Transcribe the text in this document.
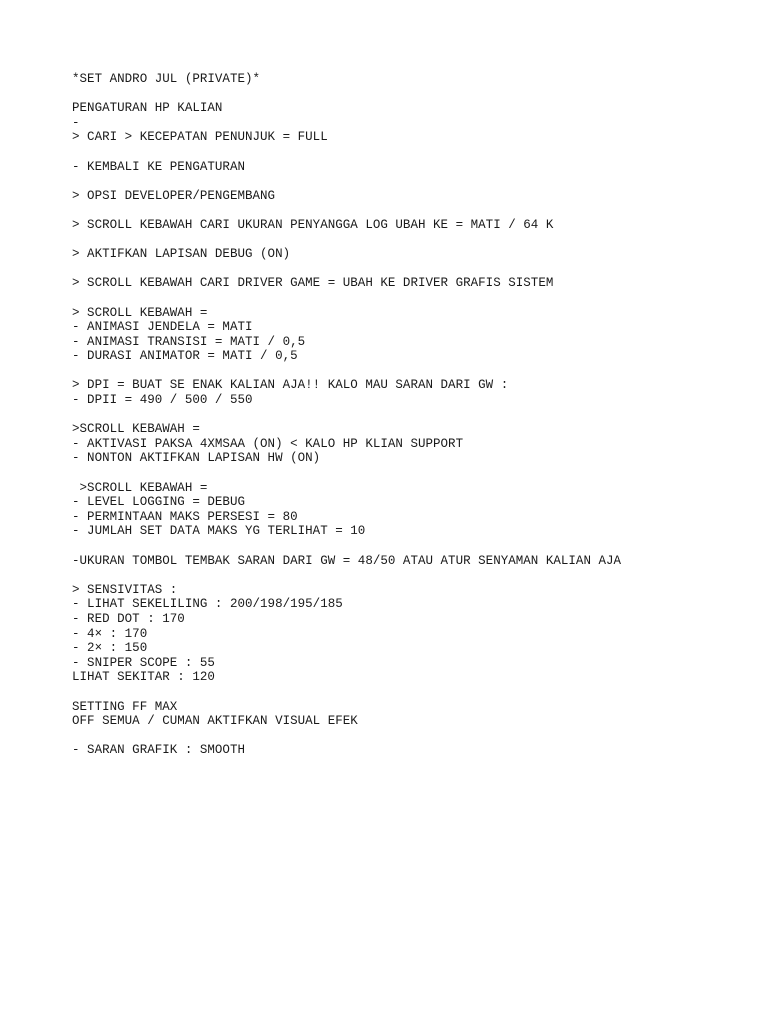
*SET ANDRO JUL (PRIVATE)*
PENGATURAN HP KALIAN
-
> CARI > KECEPATAN PENUNJUK = FULL
- KEMBALI KE PENGATURAN
> OPSI DEVELOPER/PENGEMBANG
> SCROLL KEBAWAH CARI UKURAN PENYANGGA LOG UBAH KE = MATI / 64 K
> AKTIFKAN LAPISAN DEBUG (ON)
> SCROLL KEBAWAH CARI DRIVER GAME = UBAH KE DRIVER GRAFIS SISTEM
> SCROLL KEBAWAH =
- ANIMASI JENDELA = MATI
- ANIMASI TRANSISI = MATI / 0,5
- DURASI ANIMATOR = MATI / 0,5
> DPI = BUAT SE ENAK KALIAN AJA!! KALO MAU SARAN DARI GW :
- DPII = 490 / 500 / 550
>SCROLL KEBAWAH =
- AKTIVASI PAKSA 4XMSAA (ON) < KALO HP KLIAN SUPPORT
- NONTON AKTIFKAN LAPISAN HW (ON)
>SCROLL KEBAWAH =
- LEVEL LOGGING = DEBUG
- PERMINTAAN MAKS PERSESI = 80
- JUMLAH SET DATA MAKS YG TERLIHAT = 10
-UKURAN TOMBOL TEMBAK SARAN DARI GW = 48/50 ATAU ATUR SENYAMAN KALIAN AJA
> SENSIVITAS :
- LIHAT SEKELILING : 200/198/195/185
- RED DOT : 170
- 4× : 170
- 2× : 150
- SNIPER SCOPE : 55
LIHAT SEKITAR : 120
SETTING FF MAX
OFF SEMUA / CUMAN AKTIFKAN VISUAL EFEK
- SARAN GRAFIK : SMOOTH
